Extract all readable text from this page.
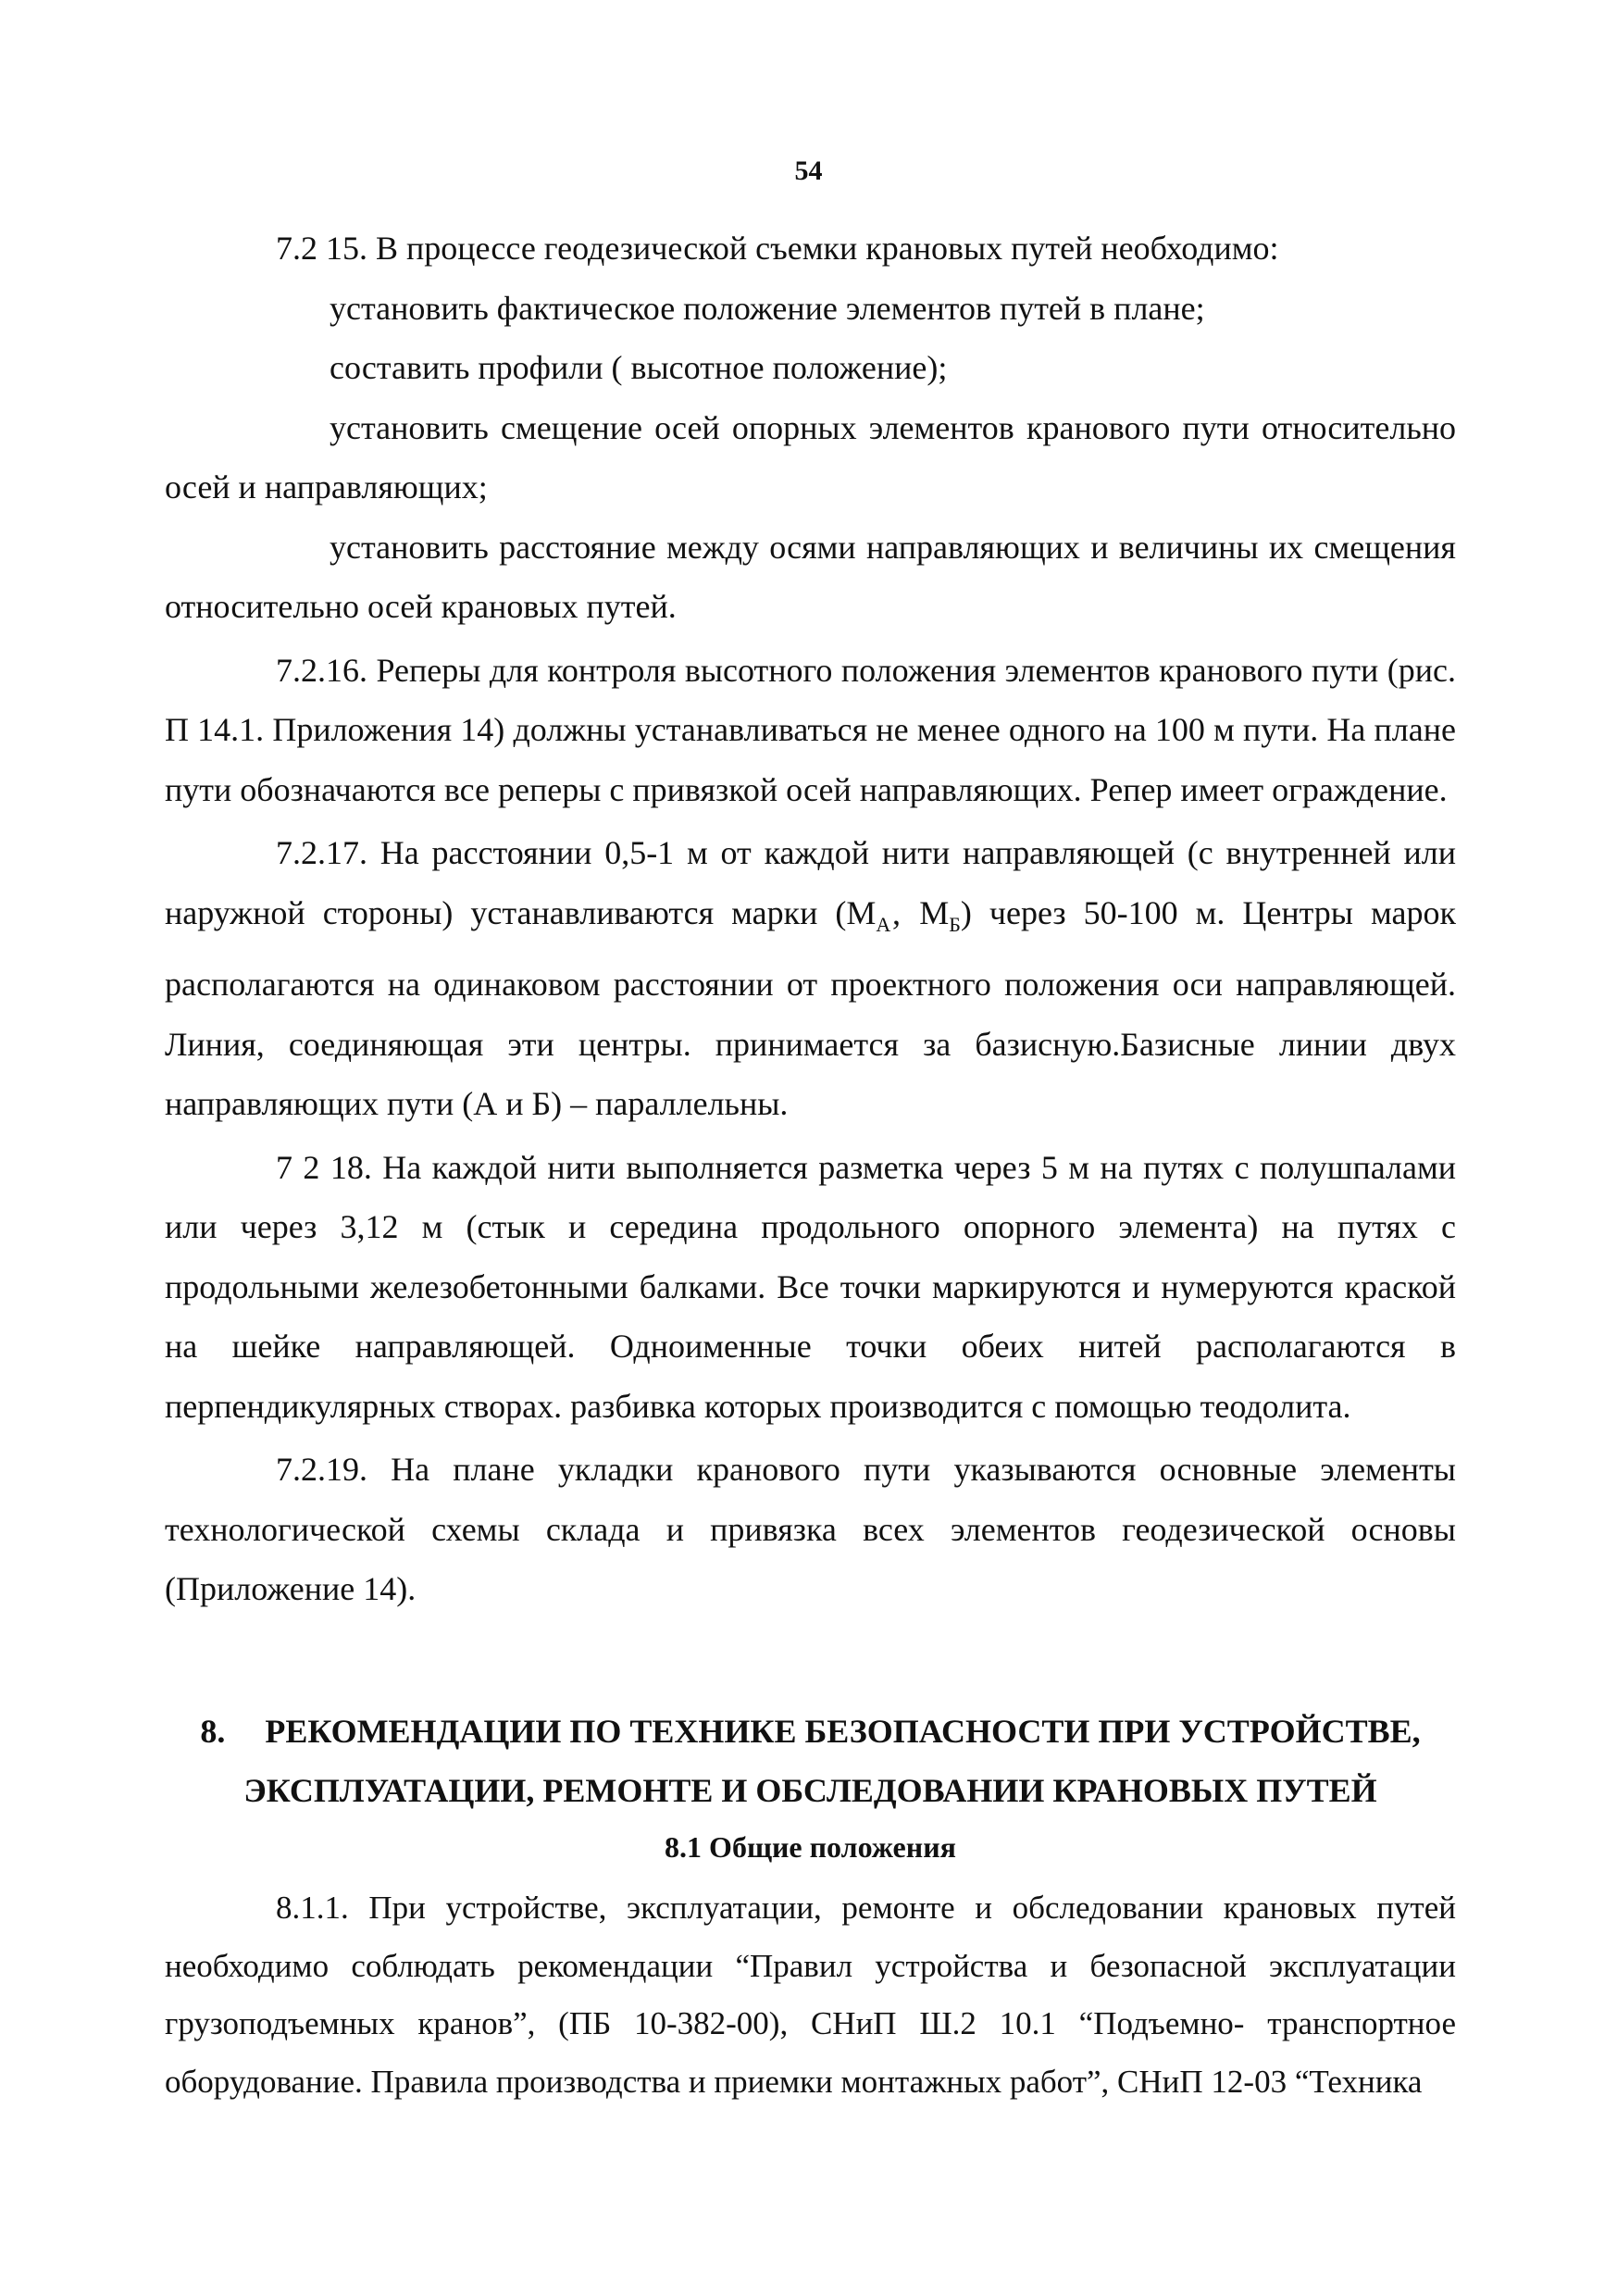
54

7.2 15. В процессе геодезической съемки крановых путей необходимо:

установить фактическое положение элементов путей в плане;

составить профили ( высотное положение);

установить смещение осей опорных элементов кранового пути относительно осей и направляющих;

установить расстояние между осями направляющих и величины их смещения относительно осей крановых путей.

7.2.16. Реперы для контроля высотного положения элементов кранового пути (рис. П 14.1. Приложения 14) должны устанавливаться не менее одного на 100 м пути. На плане пути обозначаются все реперы с привязкой осей направляющих. Репер имеет ограждение.

7.2.17. На расстоянии 0,5-1 м от каждой нити направляющей (с внутренней или наружной стороны) устанавливаются марки ($М_А‚$ $М_Б$) через 50-100 м. Центры марок располагаются на одинаковом расстоянии от проектного положения оси направляющей. Линия, соединяющая эти центры. принимается за базисную.Базисные линии двух направляющих пути (А и Б) – параллельны.

7 2 18. На каждой нити выполняется разметка через 5 м на путях с полушпалами или через 3,12 м (стык и середина продольного опорного элемента) на путях с продольными железобетонными балками. Все точки маркируются и нумеруются краской на шейке направляющей. Одноименные точки обеих нитей располагаются в перпендикулярных створах. разбивка которых производится с помощью теодолита.

7.2.19. На плане укладки кранового пути указываются основные элементы технологической схемы склада и привязка всех элементов геодезической основы (Приложение 14).

8. РЕКОМЕНДАЦИИ ПО ТЕХНИКЕ БЕЗОПАСНОСТИ ПРИ УСТРОЙСТВЕ,
ЭКСПЛУАТАЦИИ, РЕМОНТЕ И ОБСЛЕДОВАНИИ КРАНОВЫХ ПУТЕЙ
8.1 Общие положения

8.1.1. При устройстве, эксплуатации, ремонте и обследовании крановых путей необходимо соблюдать рекомендации “Правил устройства и безопасной эксплуатации грузоподъемных кранов”, (ПБ 10-382-00), СНиП Ш.2 10.1 “Подъемно- транспортное оборудование. Правила производства и приемки монтажных работ”, СНиП 12-03 “Техника
